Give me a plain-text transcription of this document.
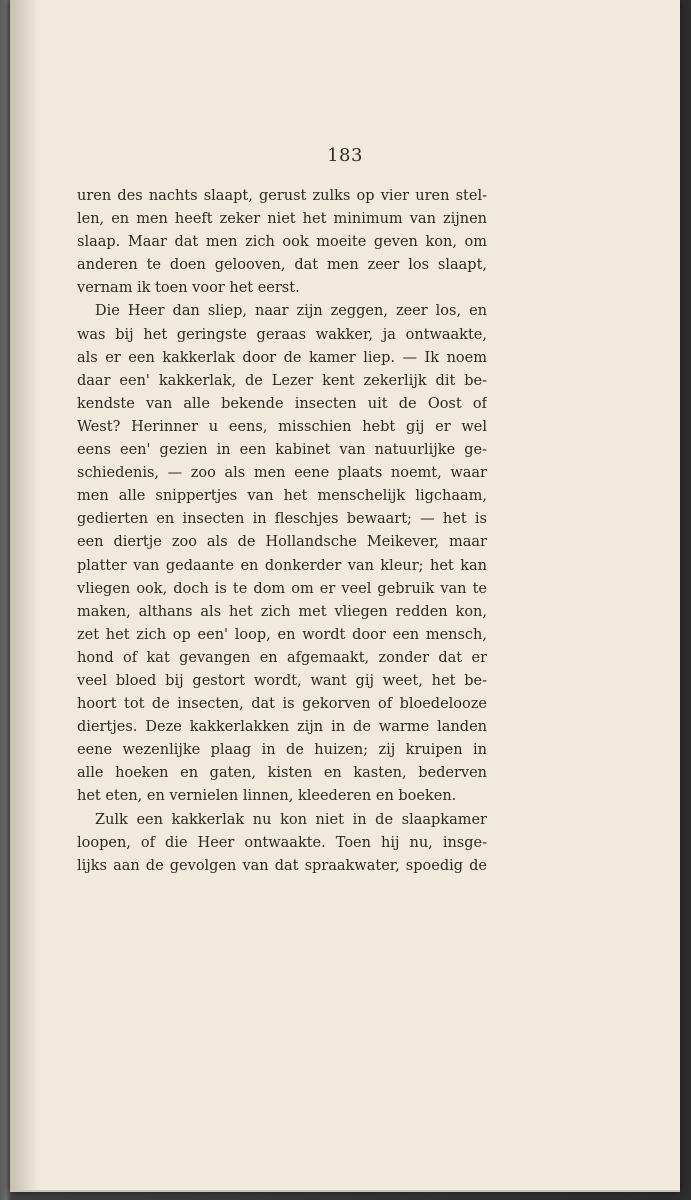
183
uren des nachts slaapt, gerust zulks op vier uren stel-
len, en men heeft zeker niet het minimum van zijnen
slaap. Maar dat men zich ook moeite geven kon, om
anderen te doen gelooven, dat men zeer los slaapt,
vernam ik toen voor het eerst.
Die Heer dan sliep, naar zijn zeggen, zeer los, en
was bij het geringste geraas wakker, ja ontwaakte,
als er een kakkerlak door de kamer liep. — Ik noem
daar een' kakkerlak, de Lezer kent zekerlijk dit be-
kendste van alle bekende insecten uit de Oost of
West? Herinner u eens, misschien hebt gij er wel
eens een' gezien in een kabinet van natuurlijke ge-
schiedenis, — zoo als men eene plaats noemt, waar
men alle snippertjes van het menschelijk ligchaam,
gedierten en insecten in fleschjes bewaart; — het is
een diertje zoo als de Hollandsche Meikever, maar
platter van gedaante en donkerder van kleur; het kan
vliegen ook, doch is te dom om er veel gebruik van te
maken, althans als het zich met vliegen redden kon,
zet het zich op een' loop, en wordt door een mensch,
hond of kat gevangen en afgemaakt, zonder dat er
veel bloed bij gestort wordt, want gij weet, het be-
hoort tot de insecten, dat is gekorven of bloedelooze
diertjes. Deze kakkerlakken zijn in de warme landen
eene wezenlijke plaag in de huizen; zij kruipen in
alle hoeken en gaten, kisten en kasten, bederven
het eten, en vernielen linnen, kleederen en boeken.
Zulk een kakkerlak nu kon niet in de slaapkamer
loopen, of die Heer ontwaakte. Toen hij nu, insge-
lijks aan de gevolgen van dat spraakwater, spoedig de
